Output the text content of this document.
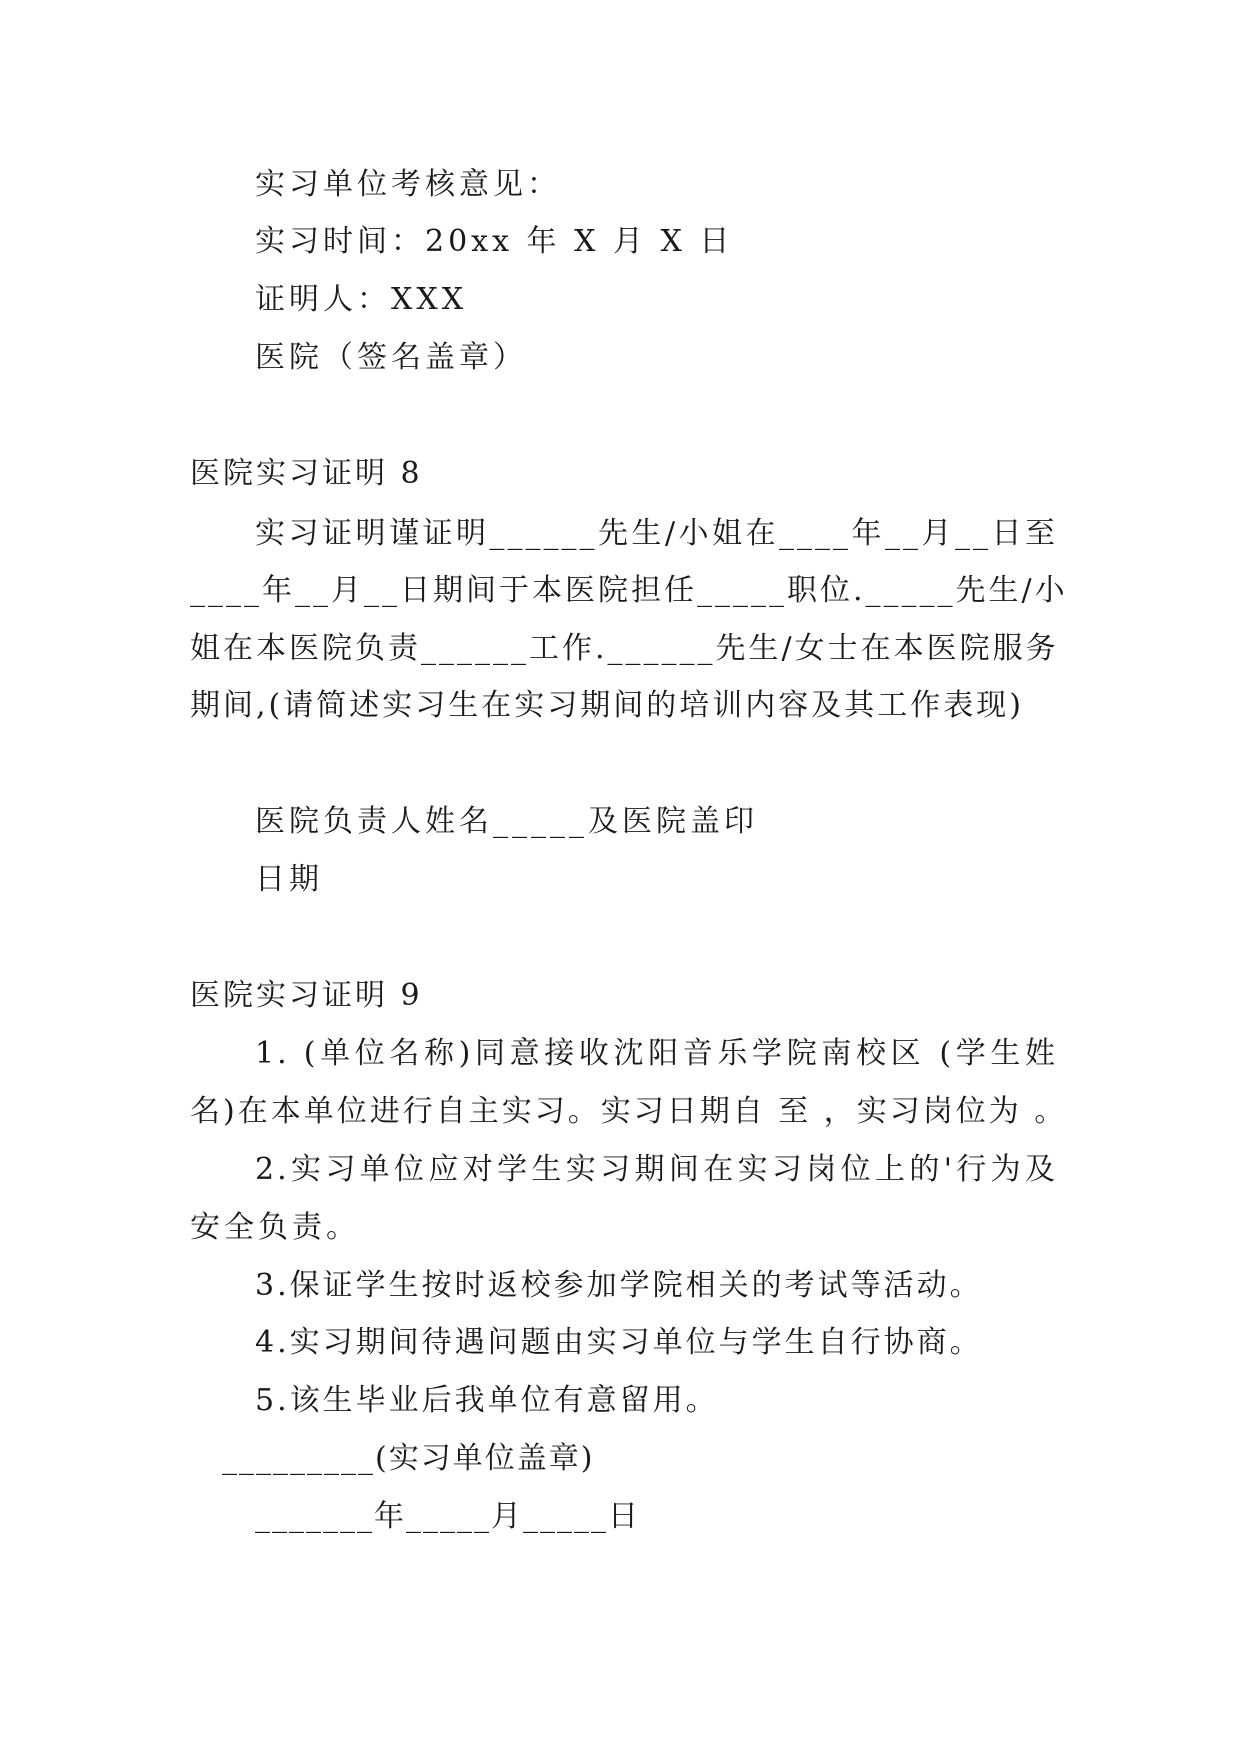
实习单位考核意见：
实习时间：20xx 年 X 月 X 日
证明人：XXX
医院（签名盖章）
医院实习证明 8
实习证明谨证明______先生/小姐在____年__月__日至
____年__月__日期间于本医院担任_____职位._____先生/小
姐在本医院负责______工作.______先生/女士在本医院服务
期间,(请简述实习生在实习期间的培训内容及其工作表现)
医院负责人姓名_____及医院盖印
日期
医院实习证明 9
1. (单位名称)同意接收沈阳音乐学院南校区 (学生姓
名)在本单位进行自主实习。实习日期自 至 ，实习岗位为 。
2.实习单位应对学生实习期间在实习岗位上的'行为及
安全负责。
3.保证学生按时返校参加学院相关的考试等活动。
4.实习期间待遇问题由实习单位与学生自行协商。
5.该生毕业后我单位有意留用。
_________(实习单位盖章)
_______年_____月_____日
